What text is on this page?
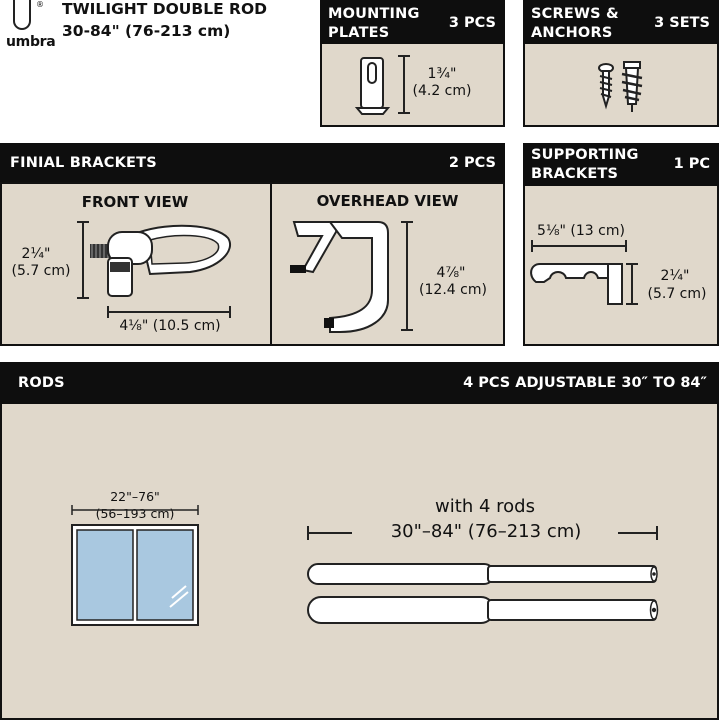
®
umbra
TWILIGHT DOUBLE ROD
30-84" (76-213 cm)
MOUNTING
PLATES
3 PCS
1¾"
(4.2 cm)
SCREWS &
ANCHORS
3 SETS
FINIAL BRACKETS	2 PCS
FRONT VIEW
2¼"
(5.7 cm)
4⅛" (10.5 cm)
OVERHEAD VIEW
4⅞"
(12.4 cm)
SUPPORTING
BRACKETS
1 PC
5⅛" (13 cm)
2¼"
(5.7 cm)
RODS	4 PCS ADJUSTABLE 30″ TO 84″
22"–76"
(56–193 cm)	with 4 rods
30"–84" (76–213 cm)
